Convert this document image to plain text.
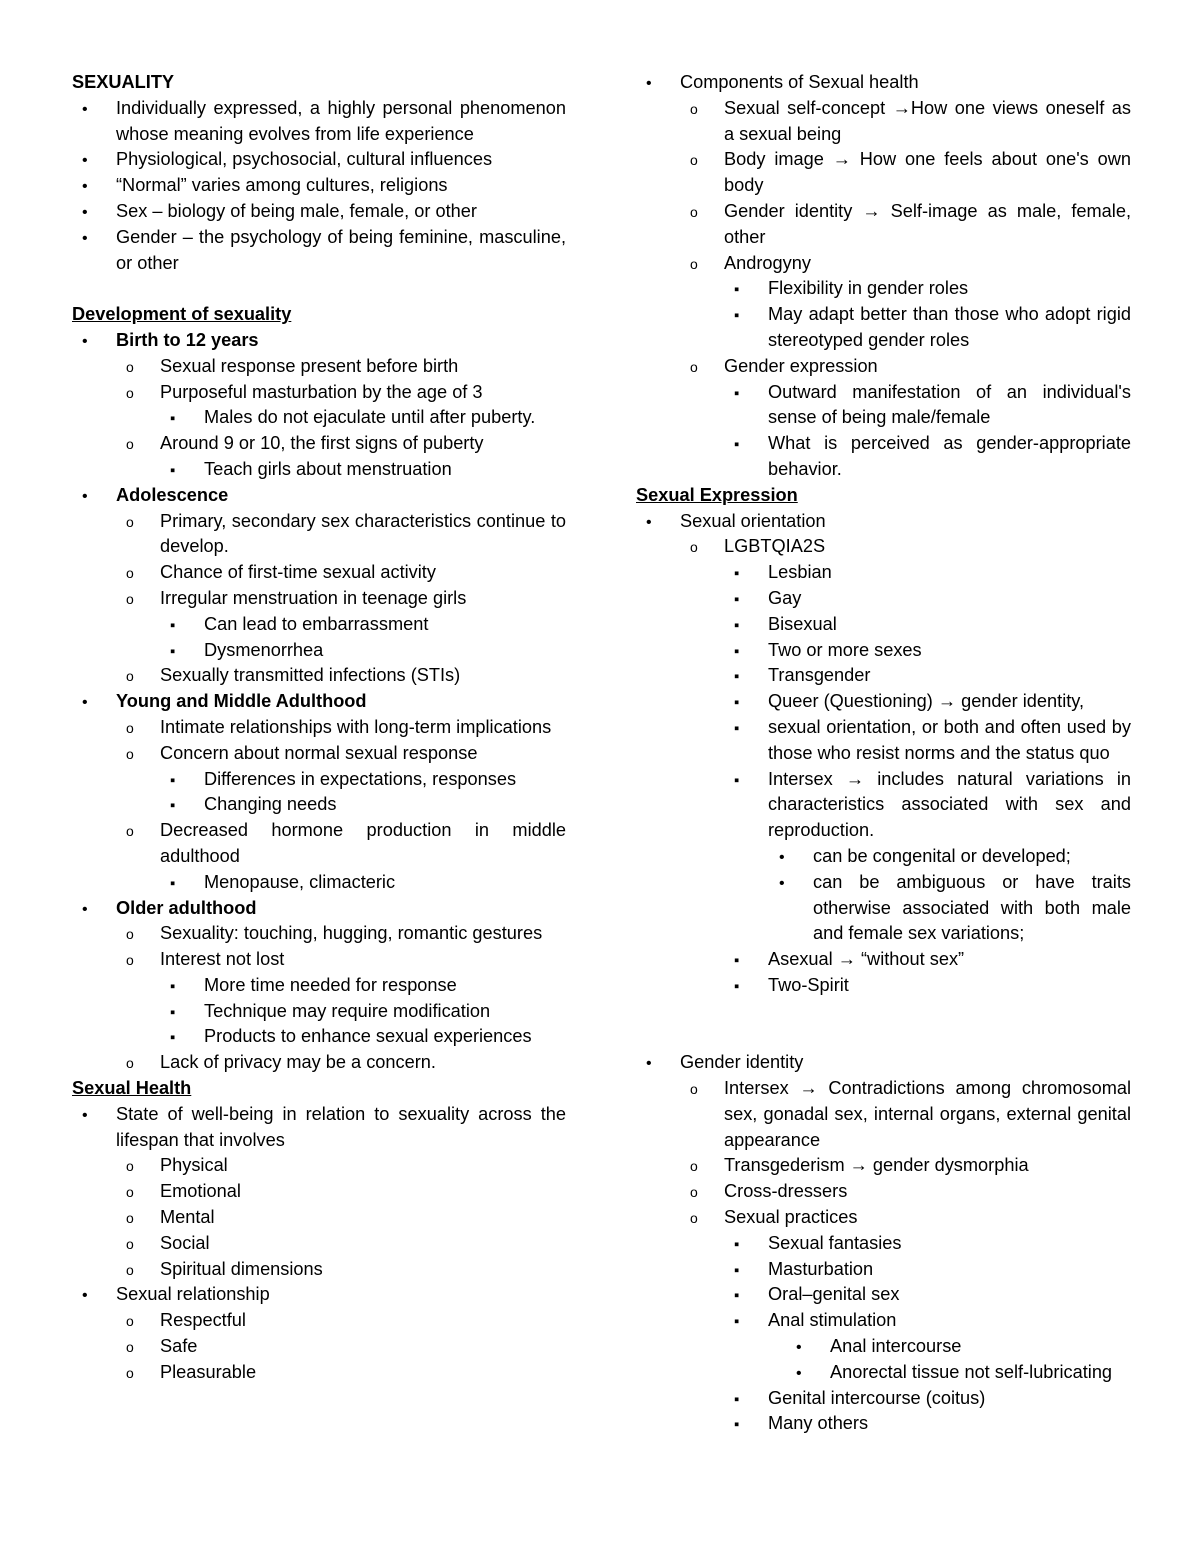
SEXUALITY
•
Individually expressed, a highly personal phenomenon whose meaning evolves from life experience
•
Physiological, psychosocial, cultural influences
•
“Normal” varies among cultures, religions
•
Sex – biology of being male, female, or other
•
Gender – the psychology of being feminine, masculine, or other
Development of sexuality
•
Birth to 12 years
o
Sexual response present before birth
o
Purposeful masturbation by the age of 3
▪
Males do not ejaculate until after puberty.
o
Around 9 or 10, the first signs of puberty
▪
Teach girls about menstruation
•
Adolescence
o
Primary, secondary sex characteristics continue to develop.
o
Chance of first-time sexual activity
o
Irregular menstruation in teenage girls
▪
Can lead to embarrassment
▪
Dysmenorrhea
o
Sexually transmitted infections (STIs)
•
Young and Middle Adulthood
o
Intimate relationships with long-term implications
o
Concern about normal sexual response
▪
Differences in expectations, responses
▪
Changing needs
o
Decreased hormone production in middle adulthood
▪
Menopause, climacteric
•
Older adulthood
o
Sexuality: touching, hugging, romantic gestures
o
Interest not lost
▪
More time needed for response
▪
Technique may require modification
▪
Products to enhance sexual experiences
o
Lack of privacy may be a concern.
Sexual Health
•
State of well-being in relation to sexuality across the lifespan that involves
o
Physical
o
Emotional
o
Mental
o
Social
o
Spiritual dimensions
•
Sexual relationship
o
Respectful
o
Safe
o
Pleasurable
•
Components of Sexual health
o
Sexual self-concept →How one views oneself as a sexual being
o
Body image → How one feels about one's own body
o
Gender identity → Self-image as male, female, other
o
Androgyny
▪
Flexibility in gender roles
▪
May adapt better than those who adopt rigid stereotyped gender roles
o
Gender expression
▪
Outward manifestation of an individual's sense of being male/female
▪
What is perceived as gender-appropriate behavior.
Sexual Expression
•
Sexual orientation
o
LGBTQIA2S
▪
Lesbian
▪
Gay
▪
Bisexual
▪
Two or more sexes
▪
Transgender
▪
Queer (Questioning) → gender identity,
▪
sexual orientation, or both and often used by those who resist norms and the status quo
▪
Intersex → includes natural variations in characteristics associated with sex and reproduction.
•
can be congenital or developed;
•
can be ambiguous or have traits otherwise associated with both male and female sex variations;
▪
Asexual → “without sex”
▪
Two-Spirit
•
Gender identity
o
Intersex → Contradictions among chromosomal sex, gonadal sex, internal organs, external genital appearance
o
Transgederism → gender dysmorphia
o
Cross-dressers
o
Sexual practices
▪
Sexual fantasies
▪
Masturbation
▪
Oral–genital sex
▪
Anal stimulation
•
Anal intercourse
•
Anorectal tissue not self-lubricating
▪
Genital intercourse (coitus)
▪
Many others
